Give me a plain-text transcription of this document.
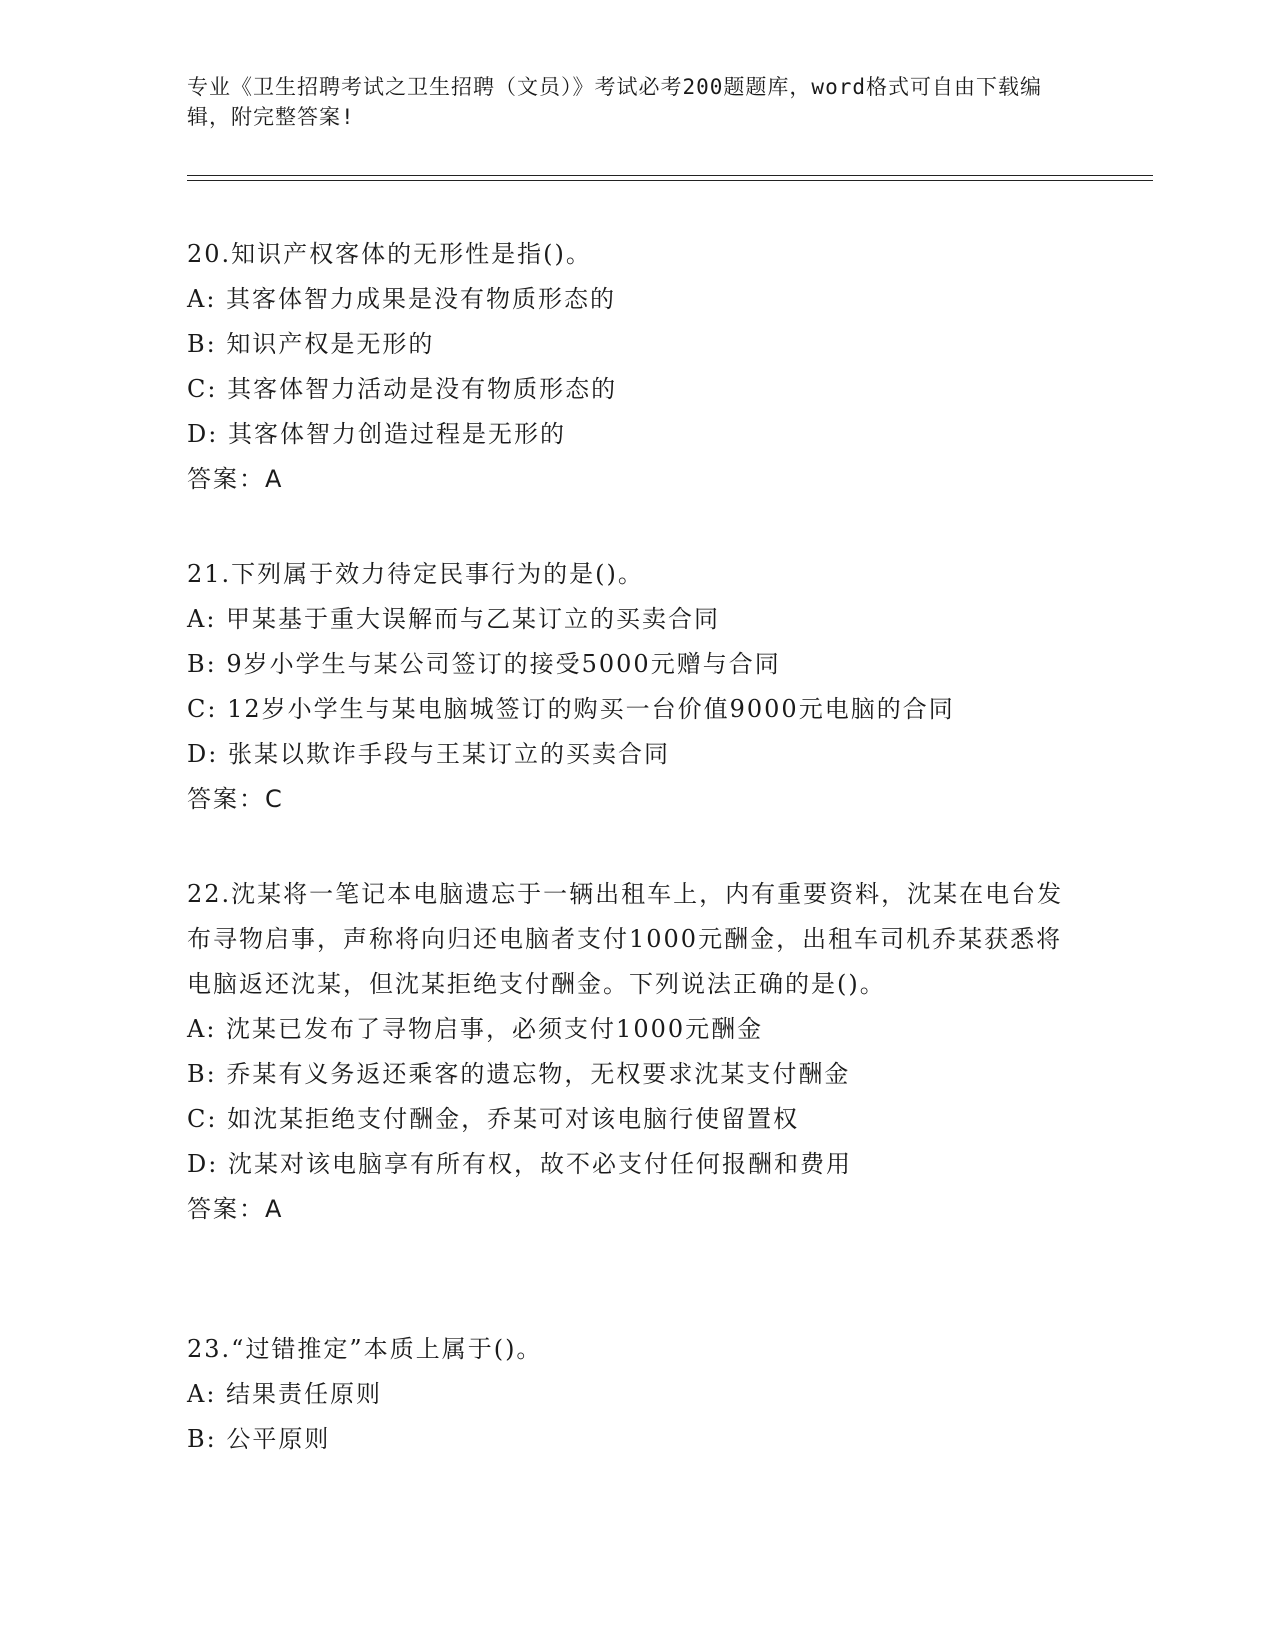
专业《卫生招聘考试之卫生招聘（文员）》考试必考200题题库，word格式可自由下载编辑，附完整答案!

20.知识产权客体的无形性是指()。

A: 其客体智力成果是没有物质形态的

B: 知识产权是无形的

C: 其客体智力活动是没有物质形态的

D: 其客体智力创造过程是无形的

答案：A

21.下列属于效力待定民事行为的是()。

A: 甲某基于重大误解而与乙某订立的买卖合同

B: 9岁小学生与某公司签订的接受5000元赠与合同

C: 12岁小学生与某电脑城签订的购买一台价值9000元电脑的合同

D: 张某以欺诈手段与王某订立的买卖合同

答案：C

22.沈某将一笔记本电脑遗忘于一辆出租车上，内有重要资料，沈某在电台发布寻物启事，声称将向归还电脑者支付1000元酬金，出租车司机乔某获悉将电脑返还沈某，但沈某拒绝支付酬金。下列说法正确的是()。

A: 沈某已发布了寻物启事，必须支付1000元酬金

B: 乔某有义务返还乘客的遗忘物，无权要求沈某支付酬金

C: 如沈某拒绝支付酬金，乔某可对该电脑行使留置权

D: 沈某对该电脑享有所有权，故不必支付任何报酬和费用

答案：A

23.“过错推定”本质上属于()。

A: 结果责任原则

B: 公平原则
